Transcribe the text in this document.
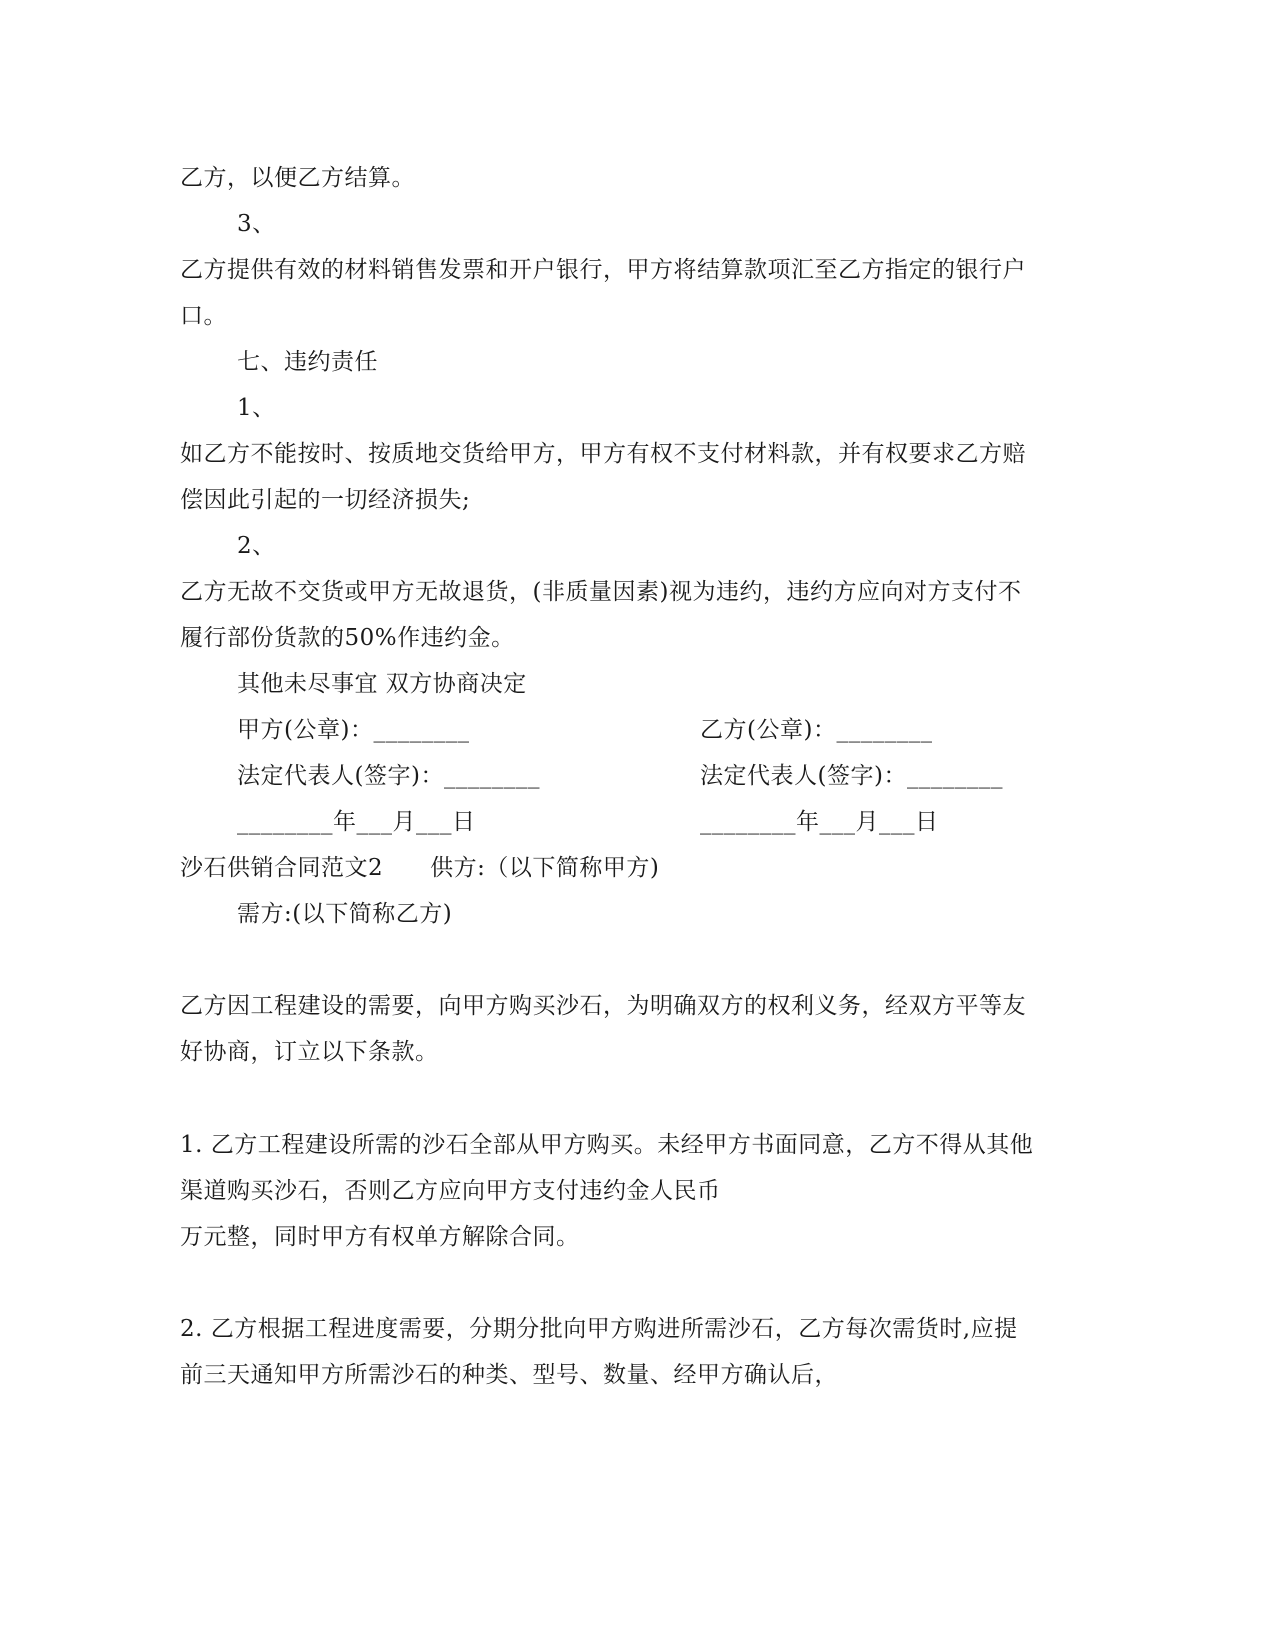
乙方，以便乙方结算。
3、
乙方提供有效的材料销售发票和开户银行，甲方将结算款项汇至乙方指定的银行户
口。
七、违约责任
1、
如乙方不能按时、按质地交货给甲方，甲方有权不支付材料款，并有权要求乙方赔
偿因此引起的一切经济损失;
2、
乙方无故不交货或甲方无故退货，(非质量因素)视为违约，违约方应向对方支付不
履行部份货款的50%作违约金。
其他未尽事宜 双方协商决定
甲方(公章)：________	乙方(公章)：________
法定代表人(签字)：________	法定代表人(签字)：________
________年___月___日	________年___月___日
沙石供销合同范文2　　供方:（以下简称甲方)
需方:(以下简称乙方)
乙方因工程建设的需要，向甲方购买沙石，为明确双方的权利义务，经双方平等友
好协商，订立以下条款。
1. 乙方工程建设所需的沙石全部从甲方购买。未经甲方书面同意，乙方不得从其他
渠道购买沙石，否则乙方应向甲方支付违约金人民币
万元整，同时甲方有权单方解除合同。
2. 乙方根据工程进度需要，分期分批向甲方购进所需沙石，乙方每次需货时,应提
前三天通知甲方所需沙石的种类、型号、数量、经甲方确认后，
